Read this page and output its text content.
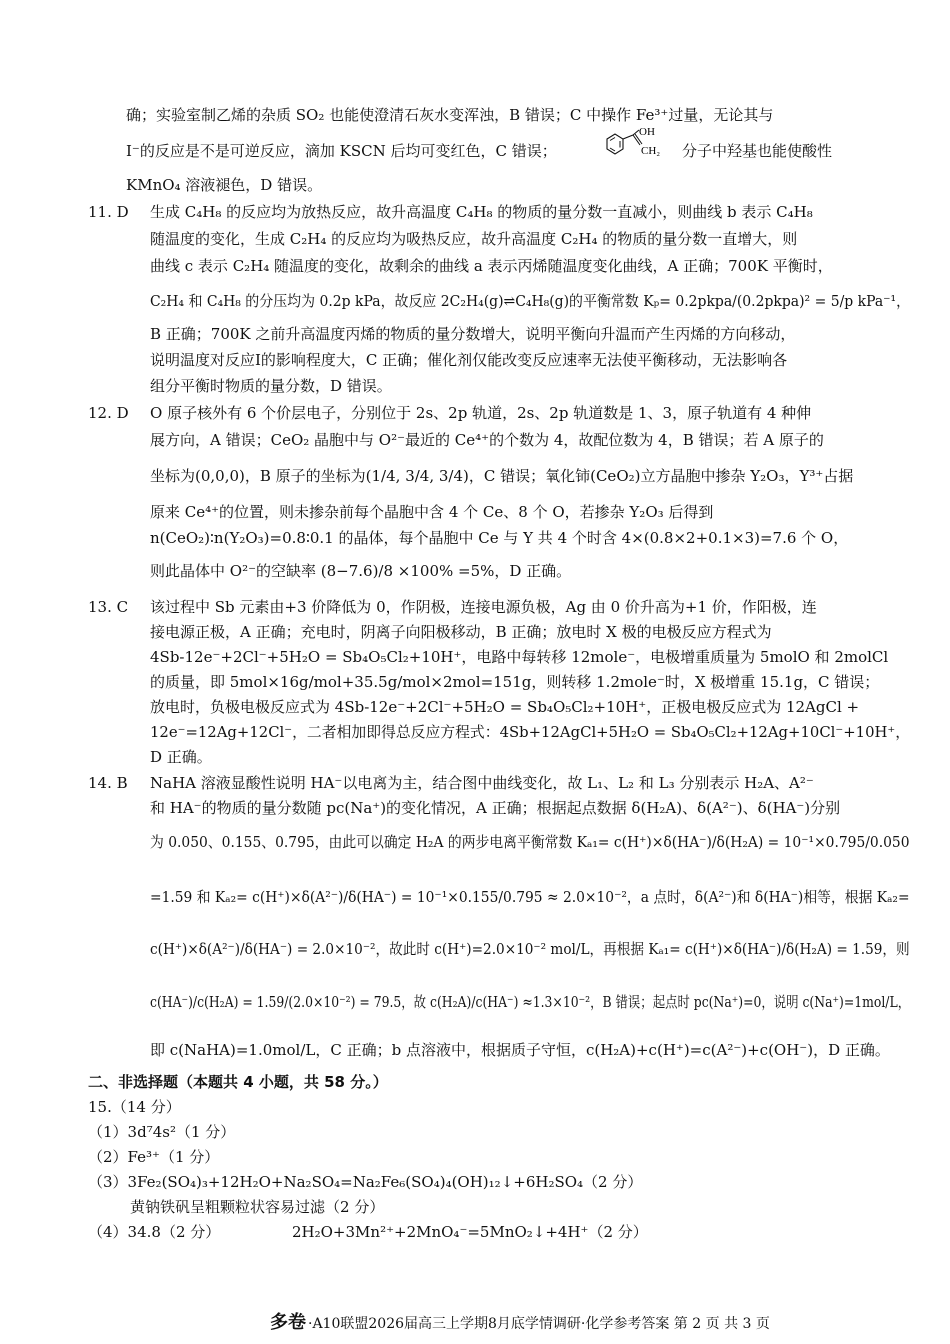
确；实验室制乙烯的杂质 SO₂ 也能使澄清石灰水变浑浊，B 错误；C 中操作 Fe³⁺过量，无论其与
I⁻的反应是不是可逆反应，滴加 KSCN 后均可变红色，C 错误；	分子中羟基也能使酸性
KMnO₄ 溶液褪色，D 错误。
生成 C₄H₈ 的反应均为放热反应，故升高温度 C₄H₈ 的物质的量分数一直减小，则曲线 b 表示 C₄H₈
随温度的变化，生成 C₂H₄ 的反应均为吸热反应，故升高温度 C₂H₄ 的物质的量分数一直增大，则
曲线 c 表示 C₂H₄ 随温度的变化，故剩余的曲线 a 表示丙烯随温度变化曲线，A 正确；700K 平衡时，
C₂H₄ 和 C₄H₈ 的分压均为 0.2p kPa，故反应 2C₂H₄(g)⇌C₄H₈(g)的平衡常数 Kₚ= 0.2pkpa/(0.2pkpa)² = 5/p kPa⁻¹，
B 正确；700K 之前升高温度丙烯的物质的量分数增大，说明平衡向升温而产生丙烯的方向移动，
说明温度对反应I的影响程度大，C 正确；催化剂仅能改变反应速率无法使平衡移动，无法影响各
组分平衡时物质的量分数，D 错误。
O 原子核外有 6 个价层电子，分别位于 2s、2p 轨道，2s、2p 轨道数是 1、3，原子轨道有 4 种伸
展方向，A 错误；CeO₂ 晶胞中与 O²⁻最近的 Ce⁴⁺的个数为 4，故配位数为 4，B 错误；若 A 原子的
坐标为(0,0,0)，B 原子的坐标为(1/4, 3/4, 3/4)，C 错误；氧化铈(CeO₂)立方晶胞中掺杂 Y₂O₃，Y³⁺占据
原来 Ce⁴⁺的位置，则未掺杂前每个晶胞中含 4 个 Ce、8 个 O，若掺杂 Y₂O₃ 后得到
n(CeO₂)∶n(Y₂O₃)=0.8∶0.1 的晶体，每个晶胞中 Ce 与 Y 共 4 个时含 4×(0.8×2+0.1×3)=7.6 个 O，
则此晶体中 O²⁻的空缺率 (8−7.6)/8 ×100% =5%，D 正确。
该过程中 Sb 元素由+3 价降低为 0，作阴极，连接电源负极，Ag 由 0 价升高为+1 价，作阳极，连
接电源正极，A 正确；充电时，阴离子向阳极移动，B 正确；放电时 X 极的电极反应方程式为
4Sb-12e⁻+2Cl⁻+5H₂O = Sb₄O₅Cl₂+10H⁺，电路中每转移 12mole⁻，电极增重质量为 5molO 和 2molCl
的质量，即 5mol×16g/mol+35.5g/mol×2mol=151g，则转移 1.2mole⁻时，X 极增重 15.1g，C 错误；
放电时，负极电极反应式为 4Sb-12e⁻+2Cl⁻+5H₂O = Sb₄O₅Cl₂+10H⁺，正极电极反应式为 12AgCl +
12e⁻=12Ag+12Cl⁻，二者相加即得总反应方程式：4Sb+12AgCl+5H₂O = Sb₄O₅Cl₂+12Ag+10Cl⁻+10H⁺，
D 正确。
NaHA 溶液显酸性说明 HA⁻以电离为主，结合图中曲线变化，故 L₁、L₂ 和 L₃ 分别表示 H₂A、A²⁻
和 HA⁻的物质的量分数随 pc(Na⁺)的变化情况，A 正确；根据起点数据 δ(H₂A)、δ(A²⁻)、δ(HA⁻)分别
为 0.050、0.155、0.795，由此可以确定 H₂A 的两步电离平衡常数 Kₐ₁= c(H⁺)×δ(HA⁻)/δ(H₂A) = 10⁻¹×0.795/0.050
=1.59 和 Kₐ₂= c(H⁺)×δ(A²⁻)/δ(HA⁻) = 10⁻¹×0.155/0.795 ≈ 2.0×10⁻²，a 点时，δ(A²⁻)和 δ(HA⁻)相等，根据 Kₐ₂=
c(H⁺)×δ(A²⁻)/δ(HA⁻) = 2.0×10⁻²，故此时 c(H⁺)=2.0×10⁻² mol/L，再根据 Kₐ₁= c(H⁺)×δ(HA⁻)/δ(H₂A) = 1.59，则
c(HA⁻)/c(H₂A) = 1.59/(2.0×10⁻²) = 79.5，故 c(H₂A)/c(HA⁻) ≈1.3×10⁻²，B 错误；起点时 pc(Na⁺)=0，说明 c(Na⁺)=1mol/L，
即 c(NaHA)=1.0mol/L，C 正确；b 点溶液中，根据质子守恒，c(H₂A)+c(H⁺)=c(A²⁻)+c(OH⁻)，D 正确。
11. D
12. D
13. C
14. B
OH
CH₂
二、非选择题（本题共 4 小题，共 58 分。）
15.（14 分）
（1）3d⁷4s²（1 分）
（2）Fe³⁺（1 分）
（3）3Fe₂(SO₄)₃+12H₂O+Na₂SO₄=Na₂Fe₆(SO₄)₄(OH)₁₂↓+6H₂SO₄（2 分）
黄钠铁矾呈粗颗粒状容易过滤（2 分）
（4）34.8（2 分）	2H₂O+3Mn²⁺+2MnO₄⁻=5MnO₂↓+4H⁺（2 分）
多卷 ·A10联盟2026届高三上学期8月底学情调研·化学参考答案 第 2 页 共 3 页
